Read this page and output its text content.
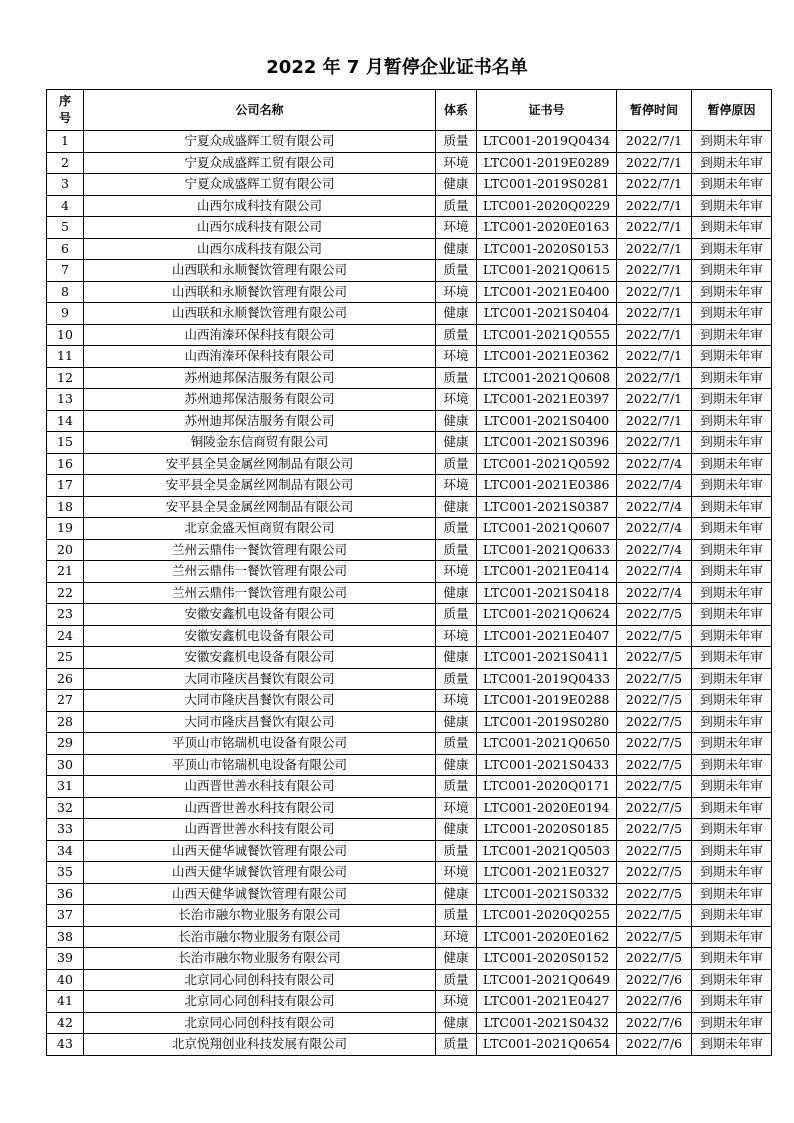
2022 年 7 月暂停企业证书名单
序号	公司名称	体系	证书号	暂停时间	暂停原因
1	宁夏众成盛辉工贸有限公司	质量	LTC001-2019Q0434	2022/7/1	到期未年审
2	宁夏众成盛辉工贸有限公司	环境	LTC001-2019E0289	2022/7/1	到期未年审
3	宁夏众成盛辉工贸有限公司	健康	LTC001-2019S0281	2022/7/1	到期未年审
4	山西尔成科技有限公司	质量	LTC001-2020Q0229	2022/7/1	到期未年审
5	山西尔成科技有限公司	环境	LTC001-2020E0163	2022/7/1	到期未年审
6	山西尔成科技有限公司	健康	LTC001-2020S0153	2022/7/1	到期未年审
7	山西联和永顺餐饮管理有限公司	质量	LTC001-2021Q0615	2022/7/1	到期未年审
8	山西联和永顺餐饮管理有限公司	环境	LTC001-2021E0400	2022/7/1	到期未年审
9	山西联和永顺餐饮管理有限公司	健康	LTC001-2021S0404	2022/7/1	到期未年审
10	山西洧溱环保科技有限公司	质量	LTC001-2021Q0555	2022/7/1	到期未年审
11	山西洧溱环保科技有限公司	环境	LTC001-2021E0362	2022/7/1	到期未年审
12	苏州迪邦保洁服务有限公司	质量	LTC001-2021Q0608	2022/7/1	到期未年审
13	苏州迪邦保洁服务有限公司	环境	LTC001-2021E0397	2022/7/1	到期未年审
14	苏州迪邦保洁服务有限公司	健康	LTC001-2021S0400	2022/7/1	到期未年审
15	铜陵金东信商贸有限公司	健康	LTC001-2021S0396	2022/7/1	到期未年审
16	安平县全昊金属丝网制品有限公司	质量	LTC001-2021Q0592	2022/7/4	到期未年审
17	安平县全昊金属丝网制品有限公司	环境	LTC001-2021E0386	2022/7/4	到期未年审
18	安平县全昊金属丝网制品有限公司	健康	LTC001-2021S0387	2022/7/4	到期未年审
19	北京金盛天恒商贸有限公司	质量	LTC001-2021Q0607	2022/7/4	到期未年审
20	兰州云鼎伟一餐饮管理有限公司	质量	LTC001-2021Q0633	2022/7/4	到期未年审
21	兰州云鼎伟一餐饮管理有限公司	环境	LTC001-2021E0414	2022/7/4	到期未年审
22	兰州云鼎伟一餐饮管理有限公司	健康	LTC001-2021S0418	2022/7/4	到期未年审
23	安徽安鑫机电设备有限公司	质量	LTC001-2021Q0624	2022/7/5	到期未年审
24	安徽安鑫机电设备有限公司	环境	LTC001-2021E0407	2022/7/5	到期未年审
25	安徽安鑫机电设备有限公司	健康	LTC001-2021S0411	2022/7/5	到期未年审
26	大同市隆庆昌餐饮有限公司	质量	LTC001-2019Q0433	2022/7/5	到期未年审
27	大同市隆庆昌餐饮有限公司	环境	LTC001-2019E0288	2022/7/5	到期未年审
28	大同市隆庆昌餐饮有限公司	健康	LTC001-2019S0280	2022/7/5	到期未年审
29	平顶山市铭瑞机电设备有限公司	质量	LTC001-2021Q0650	2022/7/5	到期未年审
30	平顶山市铭瑞机电设备有限公司	健康	LTC001-2021S0433	2022/7/5	到期未年审
31	山西晋世善水科技有限公司	质量	LTC001-2020Q0171	2022/7/5	到期未年审
32	山西晋世善水科技有限公司	环境	LTC001-2020E0194	2022/7/5	到期未年审
33	山西晋世善水科技有限公司	健康	LTC001-2020S0185	2022/7/5	到期未年审
34	山西天健华诚餐饮管理有限公司	质量	LTC001-2021Q0503	2022/7/5	到期未年审
35	山西天健华诚餐饮管理有限公司	环境	LTC001-2021E0327	2022/7/5	到期未年审
36	山西天健华诚餐饮管理有限公司	健康	LTC001-2021S0332	2022/7/5	到期未年审
37	长治市融尔物业服务有限公司	质量	LTC001-2020Q0255	2022/7/5	到期未年审
38	长治市融尔物业服务有限公司	环境	LTC001-2020E0162	2022/7/5	到期未年审
39	长治市融尔物业服务有限公司	健康	LTC001-2020S0152	2022/7/5	到期未年审
40	北京同心同创科技有限公司	质量	LTC001-2021Q0649	2022/7/6	到期未年审
41	北京同心同创科技有限公司	环境	LTC001-2021E0427	2022/7/6	到期未年审
42	北京同心同创科技有限公司	健康	LTC001-2021S0432	2022/7/6	到期未年审
43	北京悦翔创业科技发展有限公司	质量	LTC001-2021Q0654	2022/7/6	到期未年审
